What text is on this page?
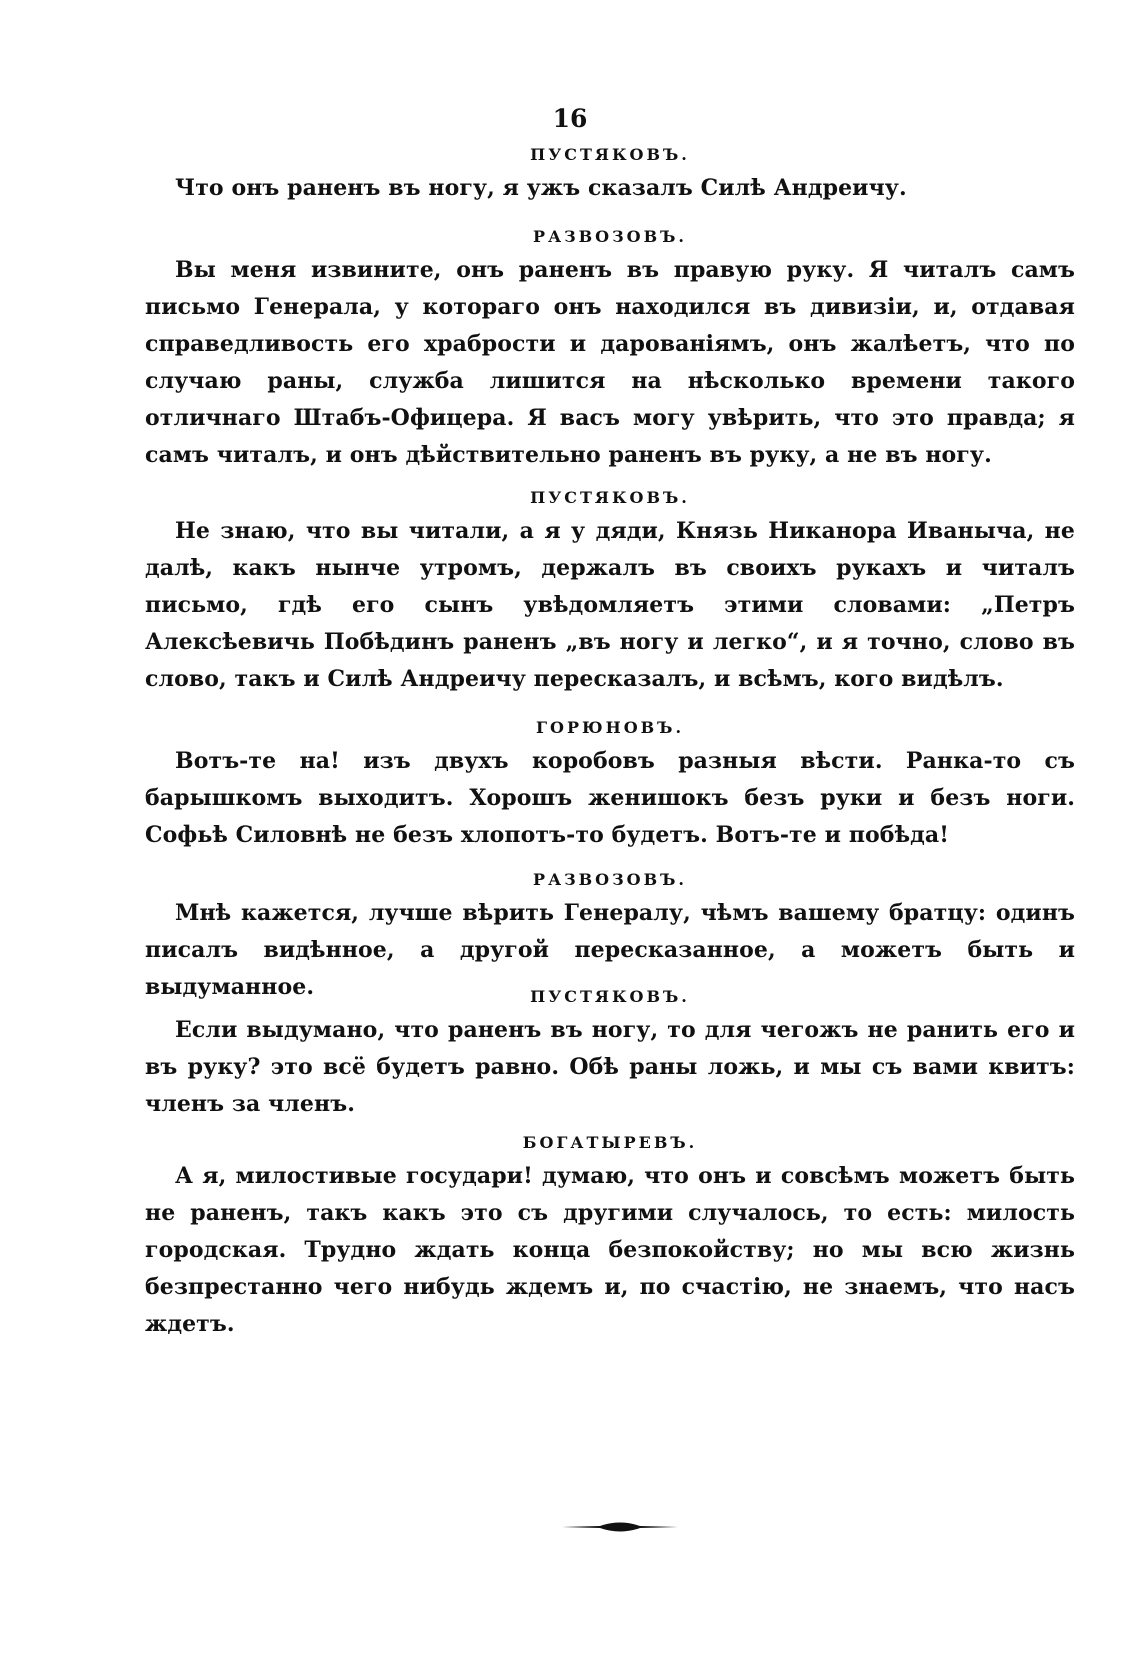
16
ПУСТЯКОВЪ.
Что онъ раненъ въ ногу, я ужъ сказалъ Силѣ Андреичу.
РАЗВОЗОВЪ.
Вы меня извините, онъ раненъ въ правую руку. Я читалъ самъ письмо Генерала, у котораго онъ находился въ дивизіи, и, отдавая справедливость его храбрости и дарованіямъ, онъ жалѣетъ, что по случаю раны, служба лишится на нѣсколько времени такого отличнаго Штабъ-Офицера. Я васъ могу увѣрить, что это правда; я самъ читалъ, и онъ дѣйствительно раненъ въ руку, а не въ ногу.
ПУСТЯКОВЪ.
Не знаю, что вы читали, а я у дяди, Князь Никанора Иваныча, не далѣ, какъ нынче утромъ, держалъ въ своихъ рукахъ и читалъ письмо, гдѣ его сынъ увѣдомляетъ этими словами: „Петръ Алексѣевичь Побѣдинъ раненъ „въ ногу и легко“, и я точно, слово въ слово, такъ и Силѣ Андреичу пересказалъ, и всѣмъ, кого видѣлъ.
ГОРЮНОВЪ.
Вотъ-те на! изъ двухъ коробовъ разныя вѣсти. Ранка-то съ барышкомъ выходитъ. Хорошъ женишокъ безъ руки и безъ ноги. Софьѣ Силовнѣ не безъ хлопотъ-то будетъ. Вотъ-те и побѣда!
РАЗВОЗОВЪ.
Мнѣ кажется, лучше вѣрить Генералу, чѣмъ вашему братцу: одинъ писалъ видѣнное, а другой пересказанное, а можетъ быть и выдуманное.	ПУСТЯКОВЪ.
Если выдумано, что раненъ въ ногу, то для чегожъ не ранить его и въ руку? это всё будетъ равно. Обѣ раны ложь, и мы съ вами квитъ: членъ за членъ.
БОГАТЫРЕВЪ.
А я, милостивые государи! думаю, что онъ и совсѣмъ можетъ быть не раненъ, такъ какъ это съ другими случалось, то есть: милость городская. Трудно ждать конца безпокойству; но мы всю жизнь безпрестанно чего нибудь ждемъ и, по счастію, не знаемъ, что насъ ждетъ.
